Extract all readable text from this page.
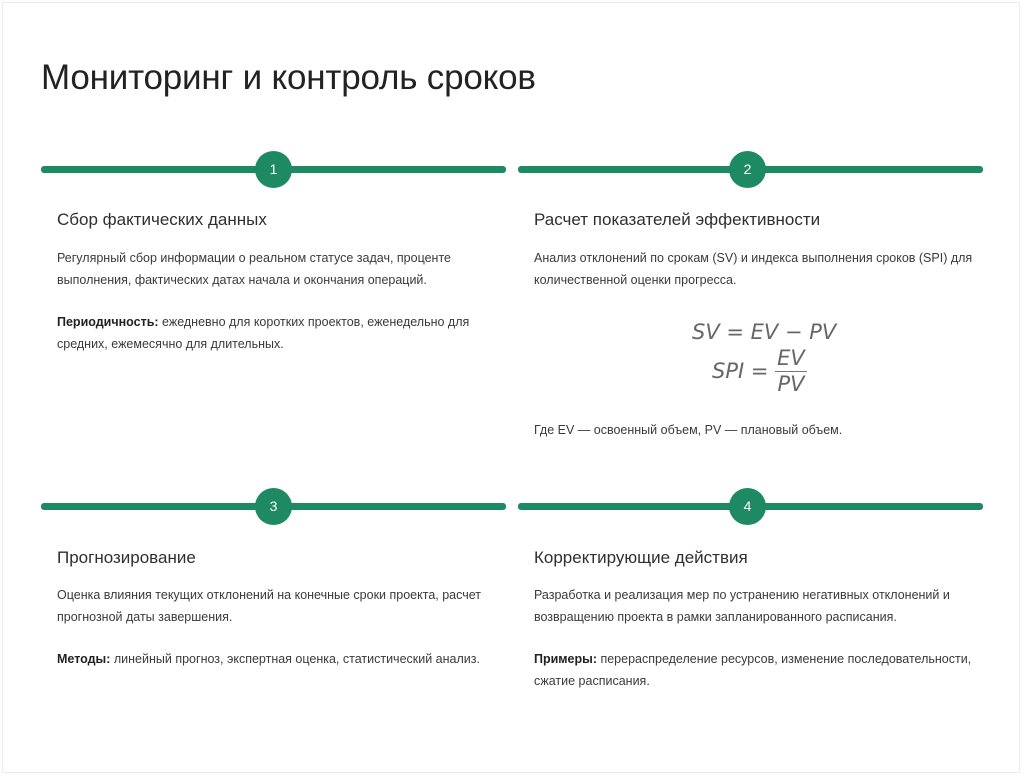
Мониторинг и контроль сроков
1
Сбор фактических данных
Регулярный сбор информации о реальном статусе задач, проценте выполнения, фактических датах начала и окончания операций.
Периодичность: ежедневно для коротких проектов, еженедельно для средних, ежемесячно для длительных.
2
Расчет показателей эффективности
Анализ отклонений по срокам (SV) и индекса выполнения сроков (SPI) для количественной оценки прогресса.
SV = EV − PV
SPI = $\frac{EV}{PV}$
Где EV — освоенный объем, PV — плановый объем.
3
Прогнозирование
Оценка влияния текущих отклонений на конечные сроки проекта, расчет прогнозной даты завершения.
Методы: линейный прогноз, экспертная оценка, статистический анализ.
4
Корректирующие действия
Разработка и реализация мер по устранению негативных отклонений и возвращению проекта в рамки запланированного расписания.
Примеры: перераспределение ресурсов, изменение последовательности, сжатие расписания.
